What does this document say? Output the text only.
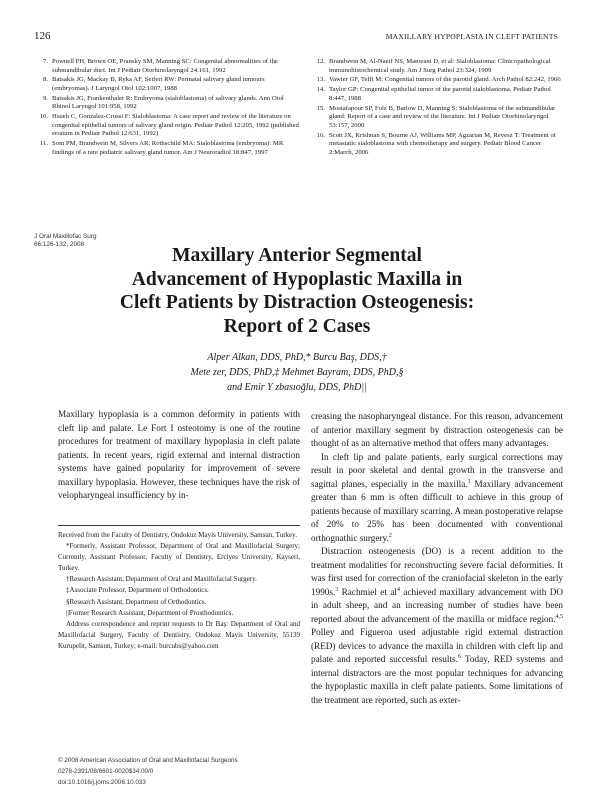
126	MAXILLARY HYPOPLASIA IN CLEFT PATIENTS
7. Pownell PH, Brown OE, Pransky SM, Manning SC: Congenital abnormalities of the submandibular duct. Int J Pediatr Otorhinolaryngol 24:161, 1992
8. Batsakis JG, Mackay B, Ryka AF, Seifert RW: Perinatal salivary gland tumours (embryomas). J Laryngol Otol 102:1007, 1988
9. Batsakis JG, Frankenthaler R: Embryoma (sialoblastoma) of salivary glands. Ann Otol Rhinol Laryngol 101:958, 1992
10. Hsueh C, Gonzalez-Crussi F: Sialoblastoma: A case report and review of the literature on congenital epithelial tumors of salivary gland origin. Pediatr Pathol 12:205, 1992 (published erratum in Pediatr Pathol 12:631, 1992)
11. Som PM, Brandwein M, Silvers AR, Rothschild MA: Sialoblastoma (embryoma): MR findings of a rare pediatric salivary gland tumor. Am J Neuroradiol 18:847, 1997
12. Brandwein M, Al-Naeif NS, Manwani D, et al: Sialoblastoma: Clinicopathological immunohistochemical study. Am J Surg Pathol 23:324, 1999
13. Vawter GF, Tefft M: Congenital tumors of the parotid gland. Arch Pathol 82:242, 1966
14. Taylor GP: Congenital epithelial tumor of the parotid sialoblastoma. Pediatr Pathol 8:447, 1988
15. Mostafapour SP, Folz B, Barlow D, Manning S: Sialoblastoma of the submandibular gland: Report of a case and review of the literature. Int J Pediatr Otorhinolaryngol 53:157, 2000
16. Scott JX, Krishnan S, Bourne AJ, Williams MP, Agzarian M, Revesz T: Treatment of metastatic sialoblastoma with chemotherapy and surgery. Pediatr Blood Cancer 2:March, 2006
J Oral Maxillofac Surg
66:126-132, 2008
Maxillary Anterior Segmental
Advancement of Hypoplastic Maxilla in
Cleft Patients by Distraction Osteogenesis:
Report of 2 Cases
Alper Alkan, DDS, PhD,* Burcu Baş, DDS,†
Mete zer, DDS, PhD,‡ Mehmet Bayram, DDS, PhD,§
and Emir Y zbasıoğlu, DDS, PhD||

Maxillary hypoplasia is a common deformity in patients with cleft lip and palate. Le Fort I osteotomy is one of the routine procedures for treatment of maxillary hypoplasia in cleft palate patients. In recent years, rigid external and internal distraction systems have gained popularity for improvement of severe maxillary hypoplasia. However, these techniques have the risk of velopharyngeal insufficiency by in-

Received from the Faculty of Dentistry, Ondokuz Mayis University, Samsun, Turkey.

*Formerly, Assistant Professor, Department of Oral and Maxillofacial Surgery; Currently, Assistant Professor, Faculty of Dentistry, Erciyes University, Kayseri, Turkey.

†Research Assistant, Department of Oral and Maxillofacial Surgery.

‡Associate Professor, Department of Orthodontics.

§Research Assistant, Department of Orthodontics.

||Former Research Assistant, Department of Prosthodontics.

Address correspondence and reprint requests to Dr Baş: Department of Oral and Maxillofacial Surgery, Faculty of Dentistry, Ondokuz Mayis University, 55139 Kurupelit, Samsun, Turkey; e-mail: burcubs@yahoo.com

© 2008 American Association of Oral and Maxillofacial Surgeons
0278-2391/08/6601-0020$34.00/0
doi:10.1016/j.joms.2006.10.033

creasing the nasopharyngeal distance. For this reason, advancement of anterior maxillary segment by distraction osteogenesis can be thought of as an alternative method that offers many advantages.

In cleft lip and palate patients, early surgical corrections may result in poor skeletal and dental growth in the transverse and sagittal planes, especially in the maxilla.$^1$ Maxillary advancement greater than 6 mm is often difficult to achieve in this group of patients because of maxillary scarring. A mean postoperative relapse of 20% to 25% has been documented with conventional orthognathic surgery.$^2$

Distraction osteogenesis (DO) is a recent addition to the treatment modalities for reconstructing severe facial deformities. It was first used for correction of the craniofacial skeleton in the early 1990s.$^3$ Rachmiel et $al^4$ achieved maxillary advancement with DO in adult sheep, and an increasing number of studies have been reported about the advancement of the maxilla or midface region.$^{4,5}$ Polley and Figueroa used adjustable rigid external distraction (RED) devices to advance the maxilla in children with cleft lip and palate and reported successful results.$^6$ Today, RED systems and internal distractors are the most popular techniques for advancing the hypoplastic maxilla in cleft palate patients. Some limitations of the treatment are reported, such as exter-
